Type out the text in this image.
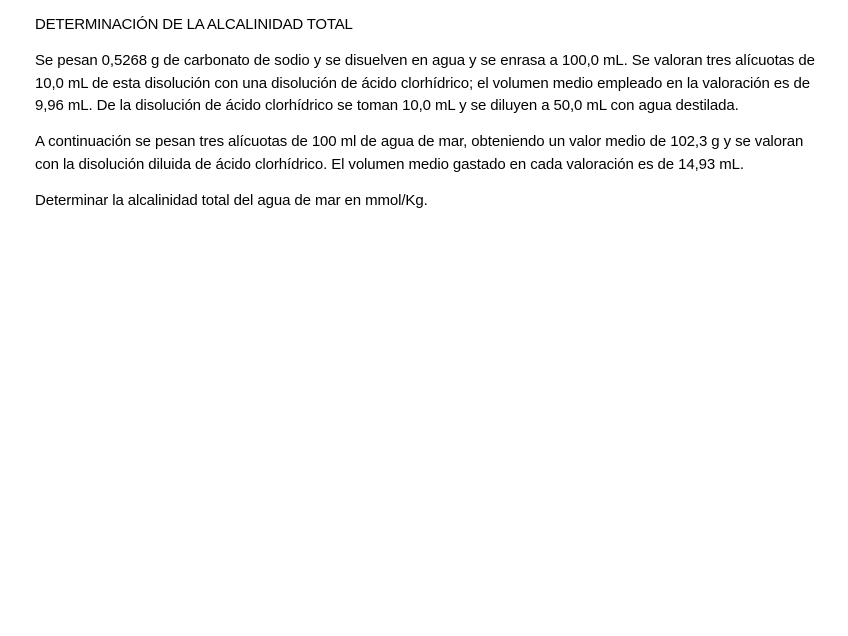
DETERMINACIÓN DE LA ALCALINIDAD TOTAL

Se pesan 0,5268 g de carbonato de sodio y se disuelven en agua y se enrasa a 100,0 mL. Se valoran tres alícuotas de 10,0 mL de esta disolución con una disolución de ácido clorhídrico; el volumen medio empleado en la valoración es de 9,96 mL. De la disolución de ácido clorhídrico se toman 10,0 mL y se diluyen a 50,0 mL con agua destilada.

A continuación se pesan tres alícuotas de 100 ml de agua de mar, obteniendo un valor medio de 102,3 g y se valoran con la disolución diluida de ácido clorhídrico. El volumen medio gastado en cada valoración es de 14,93 mL.

Determinar la alcalinidad total del agua de mar en mmol/Kg.
